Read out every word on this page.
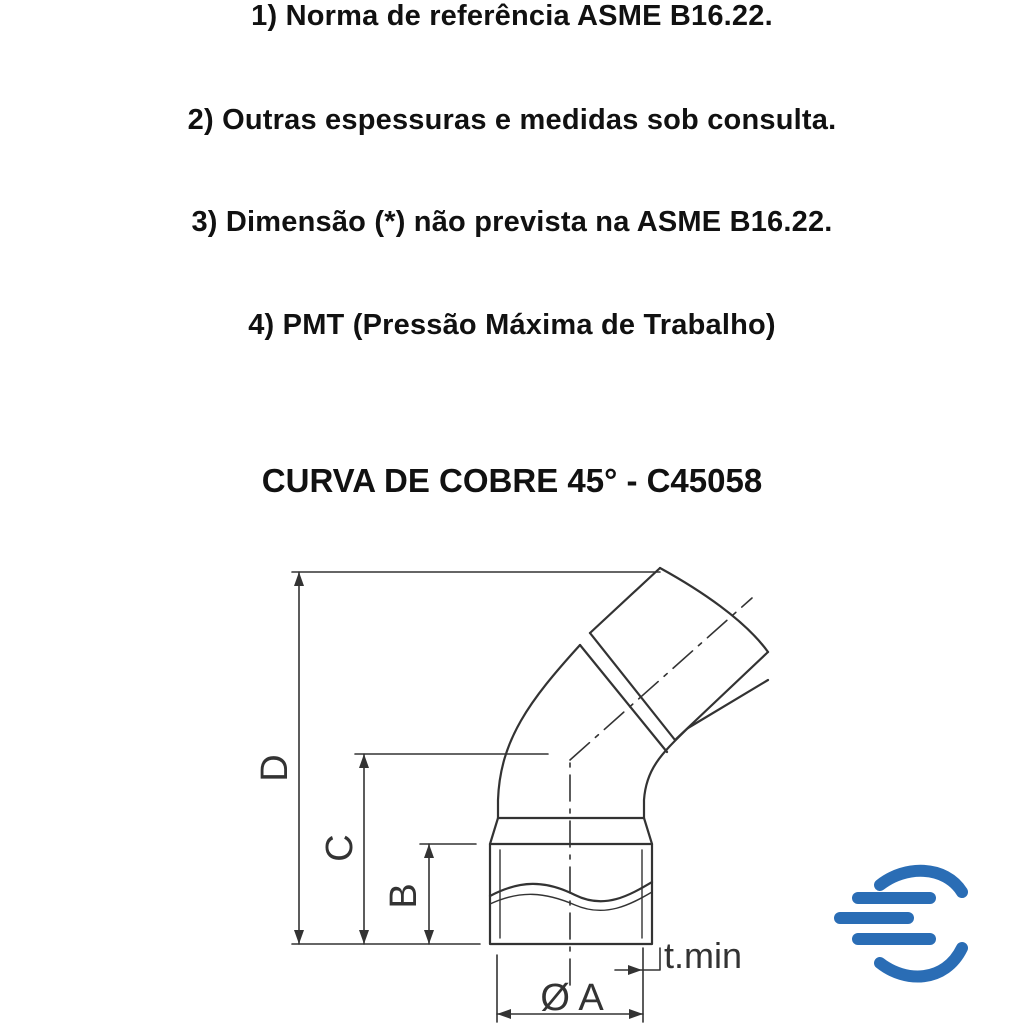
1) Norma de referência ASME B16.22.
2) Outras espessuras e medidas sob consulta.
3) Dimensão (*) não prevista na ASME B16.22.
4) PMT (Pressão Máxima de Trabalho)
CURVA DE COBRE 45° - C45058
D
C
B
Ø A
t.min
